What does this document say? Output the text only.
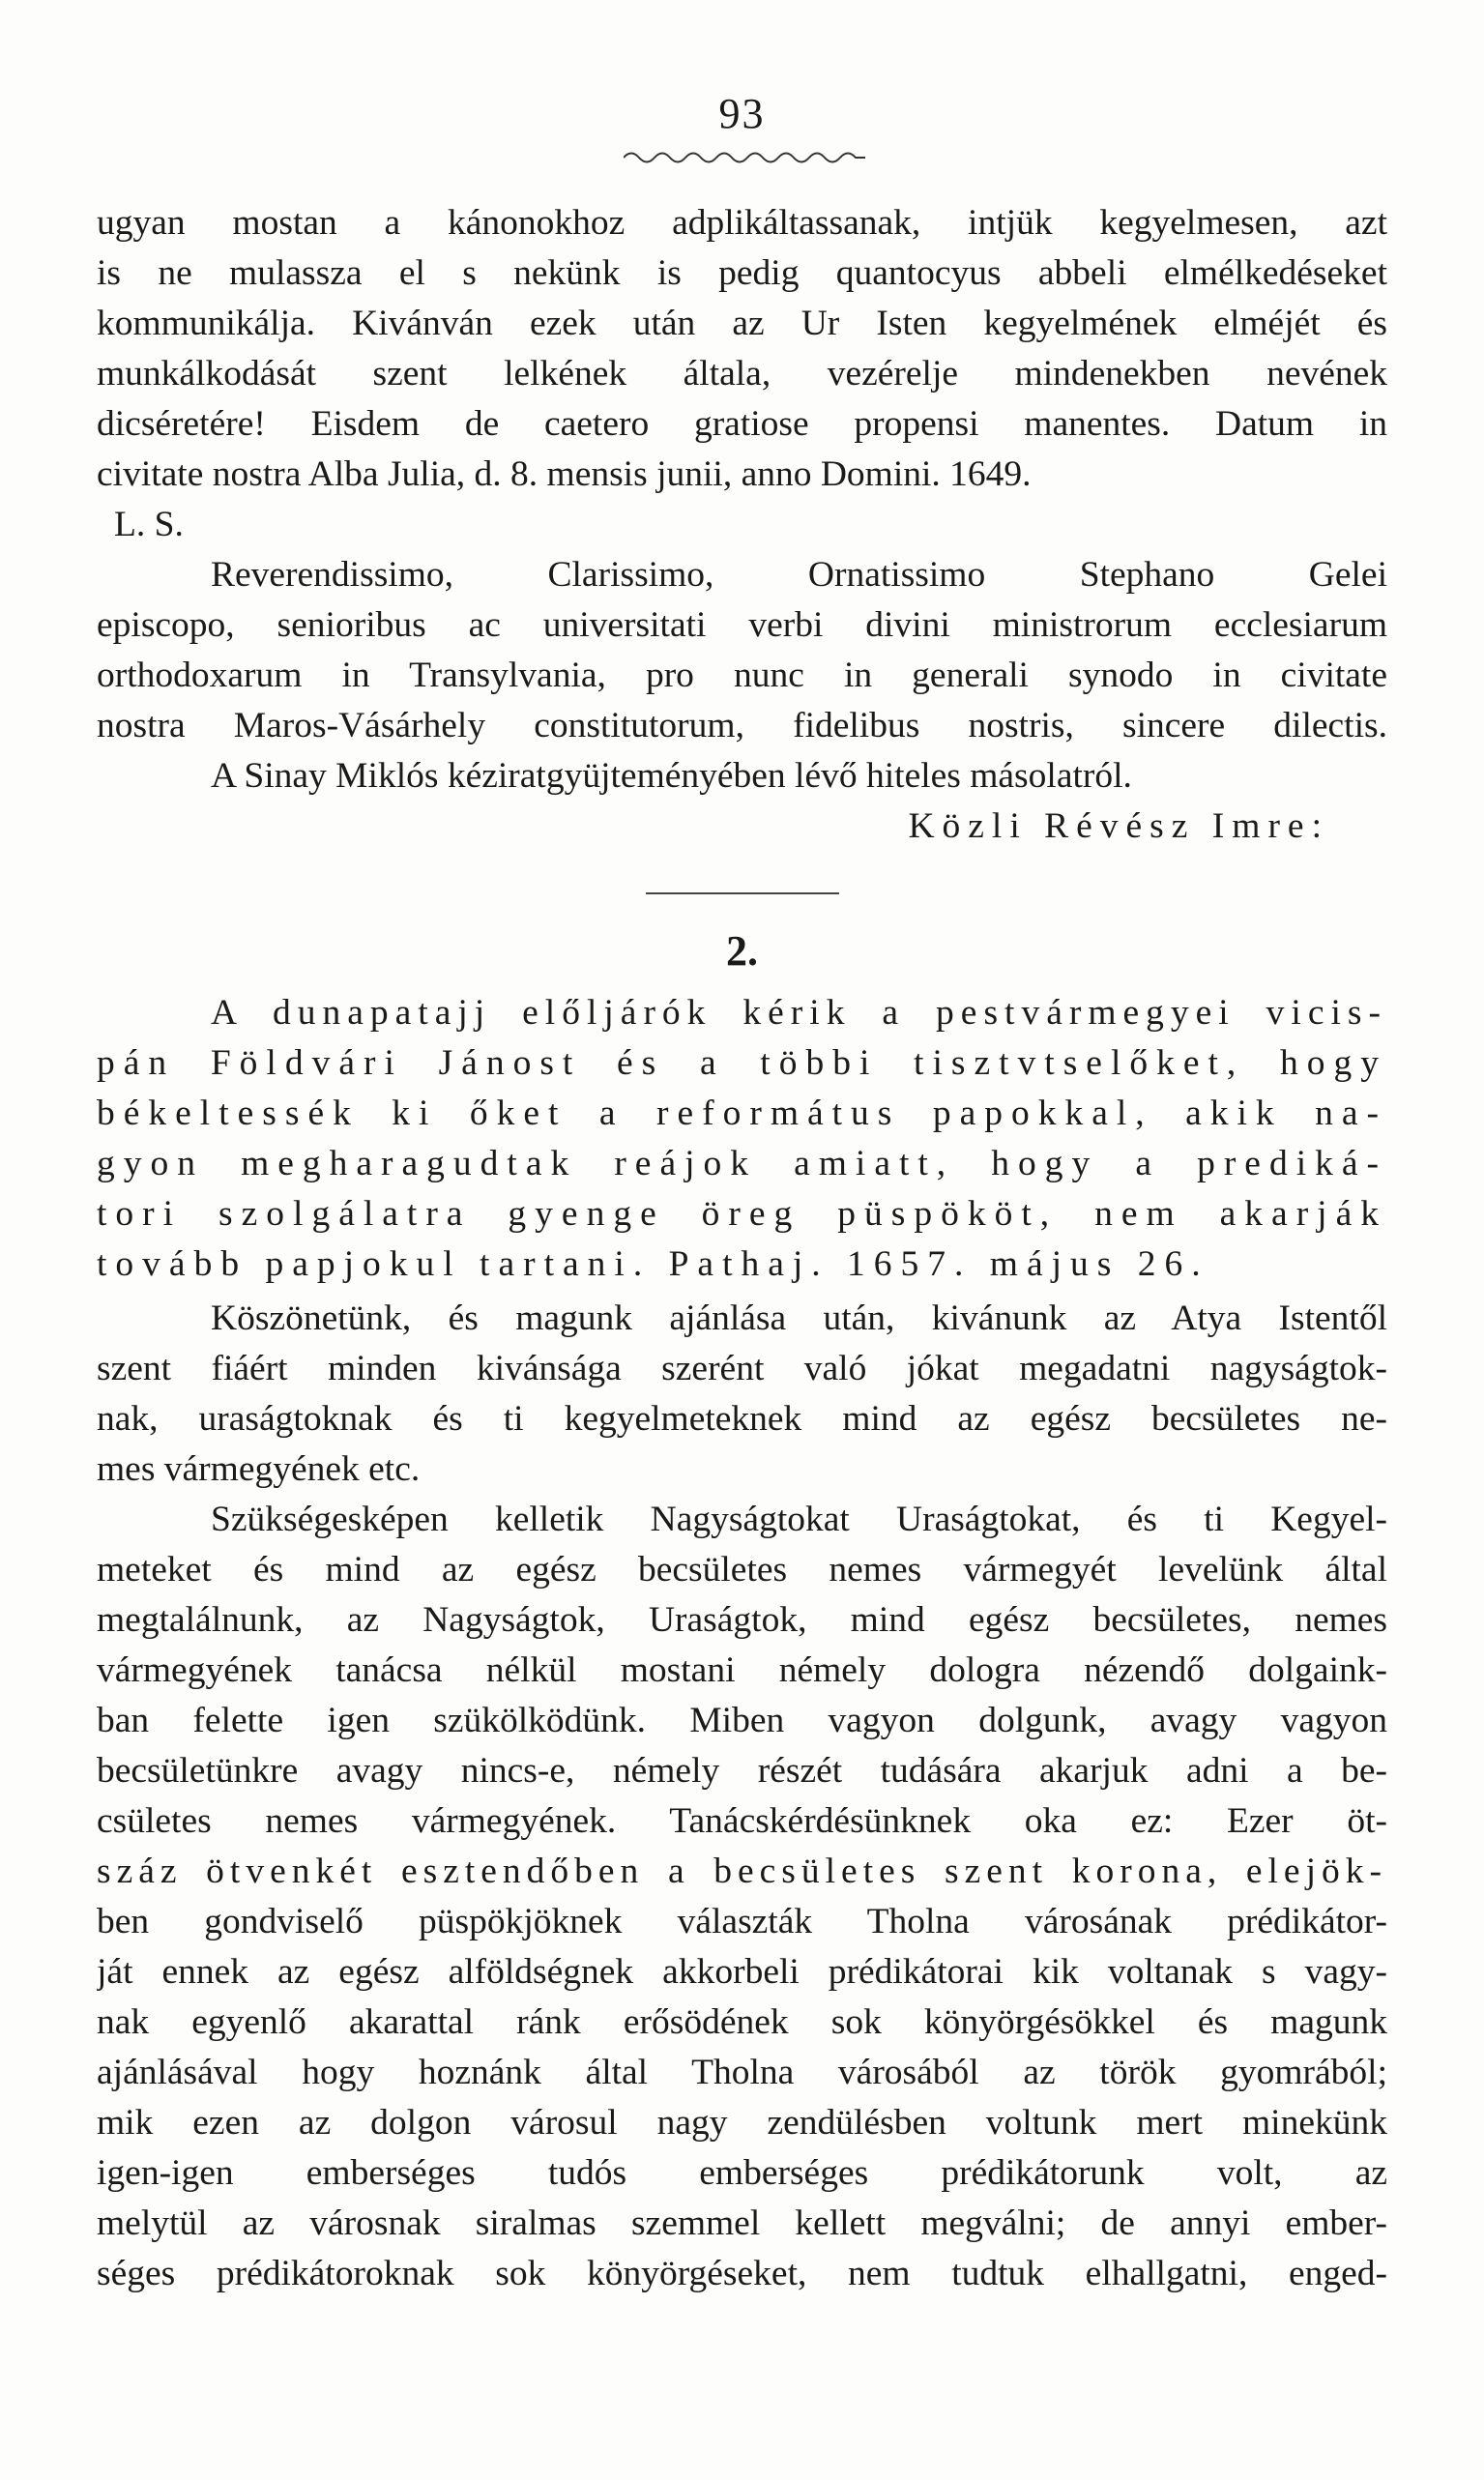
93
ugyan mostan a kánonokhoz adplikáltassanak, intjük kegyelmesen, azt
is ne mulassza el s nekünk is pedig quantocyus abbeli elmélkedéseket
kommunikálja. Kivánván ezek után az Ur Isten kegyelmének elméjét és
munkálkodását szent lelkének általa, vezérelje mindenekben nevének
dicséretére! Eisdem de caetero gratiose propensi manentes. Datum in
civitate nostra Alba Julia, d. 8. mensis junii, anno Domini. 1649.
L. S.
Reverendissimo, Clarissimo, Ornatissimo Stephano Gelei
episcopo, senioribus ac universitati verbi divini ministrorum ecclesiarum
orthodoxarum in Transylvania, pro nunc in generali synodo in civitate
nostra Maros-Vásárhely constitutorum, fidelibus nostris, sincere dilectis.
A Sinay Miklós kéziratgyüjteményében lévő hiteles másolatról.
Közli Révész Imre:
2.
A dunapatajj előljárók kérik a pestvármegyei vicis-
pán Földvári Jánost és a többi tisztvtselőket, hogy
békeltessék ki őket a református papokkal, akik na-
gyon megharagudtak reájok amiatt, hogy a prediká-
tori szolgálatra gyenge öreg püspököt, nem akarják
tovább papjokul tartani. Pathaj. 1657. május 26.
Köszönetünk, és magunk ajánlása után, kivánunk az Atya Istentől
szent fiáért minden kivánsága szerént való jókat megadatni nagyságtok-
nak, uraságtoknak és ti kegyelmeteknek mind az egész becsületes ne-
mes vármegyének etc.
Szükségesképen kelletik Nagyságtokat Uraságtokat, és ti Kegyel-
meteket és mind az egész becsületes nemes vármegyét levelünk által
megtalálnunk, az Nagyságtok, Uraságtok, mind egész becsületes, nemes
vármegyének tanácsa nélkül mostani némely dologra nézendő dolgaink-
ban felette igen szükölködünk. Miben vagyon dolgunk, avagy vagyon
becsületünkre avagy nincs-e, némely részét tudására akarjuk adni a be-
csületes nemes vármegyének. Tanácskérdésünknek oka ez: Ezer öt-
száz ötvenkét esztendőben a becsületes szent korona, elejök-
ben gondviselő püspökjöknek választák Tholna városának prédikátor-
ját ennek az egész alföldségnek akkorbeli prédikátorai kik voltanak s vagy-
nak egyenlő akarattal ránk erősödének sok könyörgésökkel és magunk
ajánlásával hogy hoznánk által Tholna városából az török gyomrából;
mik ezen az dolgon városul nagy zendülésben voltunk mert minekünk
igen-igen emberséges tudós emberséges prédikátorunk volt, az
melytül az városnak siralmas szemmel kellett megválni; de annyi ember-
séges prédikátoroknak sok könyörgéseket, nem tudtuk elhallgatni, enged-
